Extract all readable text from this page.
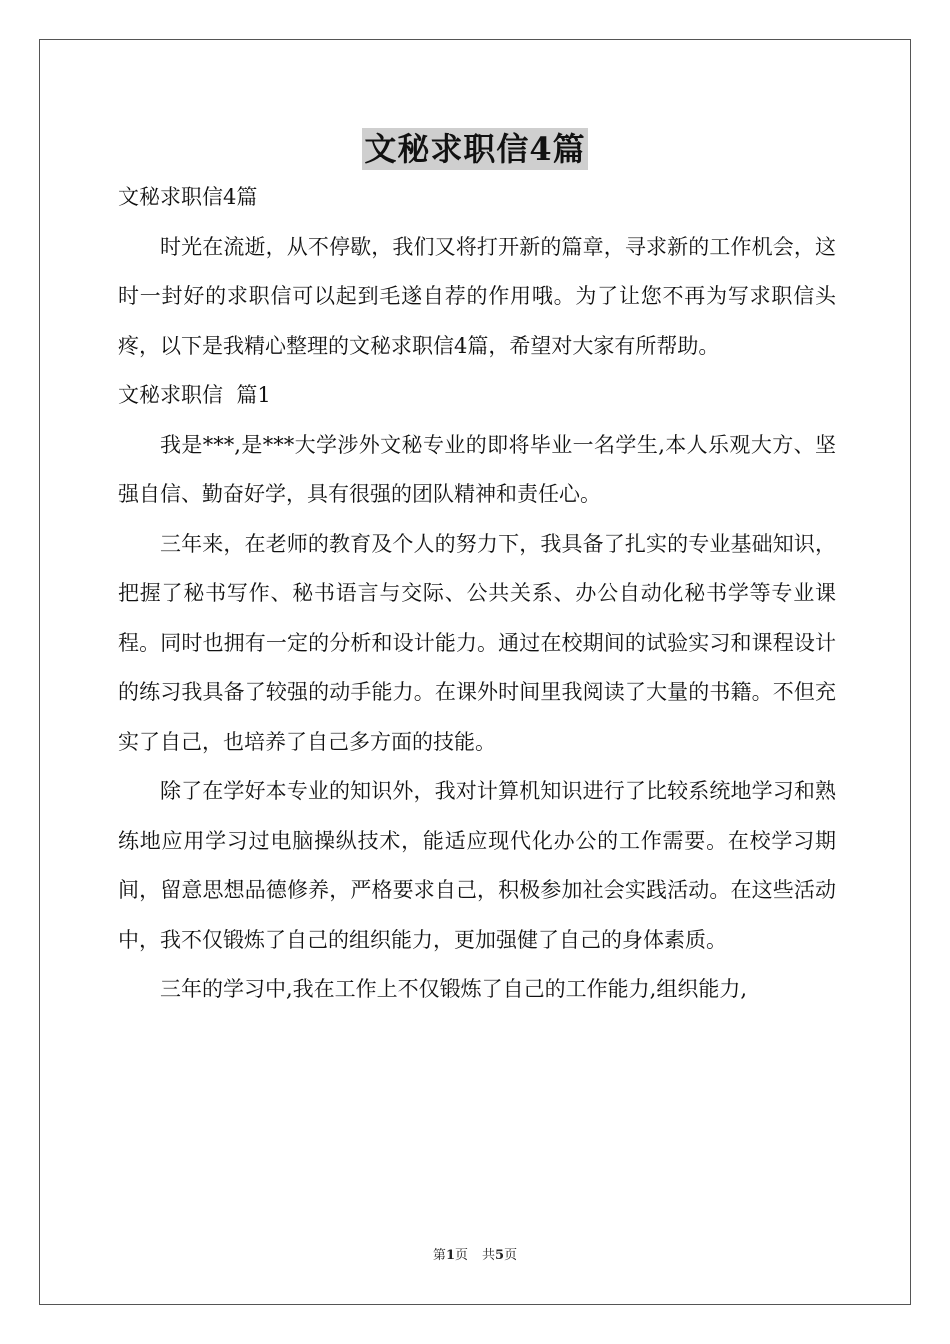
文秘求职信4篇

文秘求职信4篇

时光在流逝，从不停歇，我们又将打开新的篇章，寻求新的工作机会，这时一封好的求职信可以起到毛遂自荐的作用哦。为了让您不再为写求职信头疼，以下是我精心整理的文秘求职信4篇，希望对大家有所帮助。

文秘求职信  篇1

我是***,是***大学涉外文秘专业的即将毕业一名学生,本人乐观大方、坚强自信、勤奋好学，具有很强的团队精神和责任心。

三年来，在老师的教育及个人的努力下，我具备了扎实的专业基础知识，把握了秘书写作、秘书语言与交际、公共关系、办公自动化秘书学等专业课程。同时也拥有一定的分析和设计能力。通过在校期间的试验实习和课程设计的练习我具备了较强的动手能力。在课外时间里我阅读了大量的书籍。不但充实了自己，也培养了自己多方面的技能。

除了在学好本专业的知识外，我对计算机知识进行了比较系统地学习和熟练地应用学习过电脑操纵技术，能适应现代化办公的工作需要。在校学习期间，留意思想品德修养，严格要求自己，积极参加社会实践活动。在这些活动中，我不仅锻炼了自己的组织能力，更加强健了自己的身体素质。

三年的学习中,我在工作上不仅锻炼了自己的工作能力,组织能力,

第1页 共5页
